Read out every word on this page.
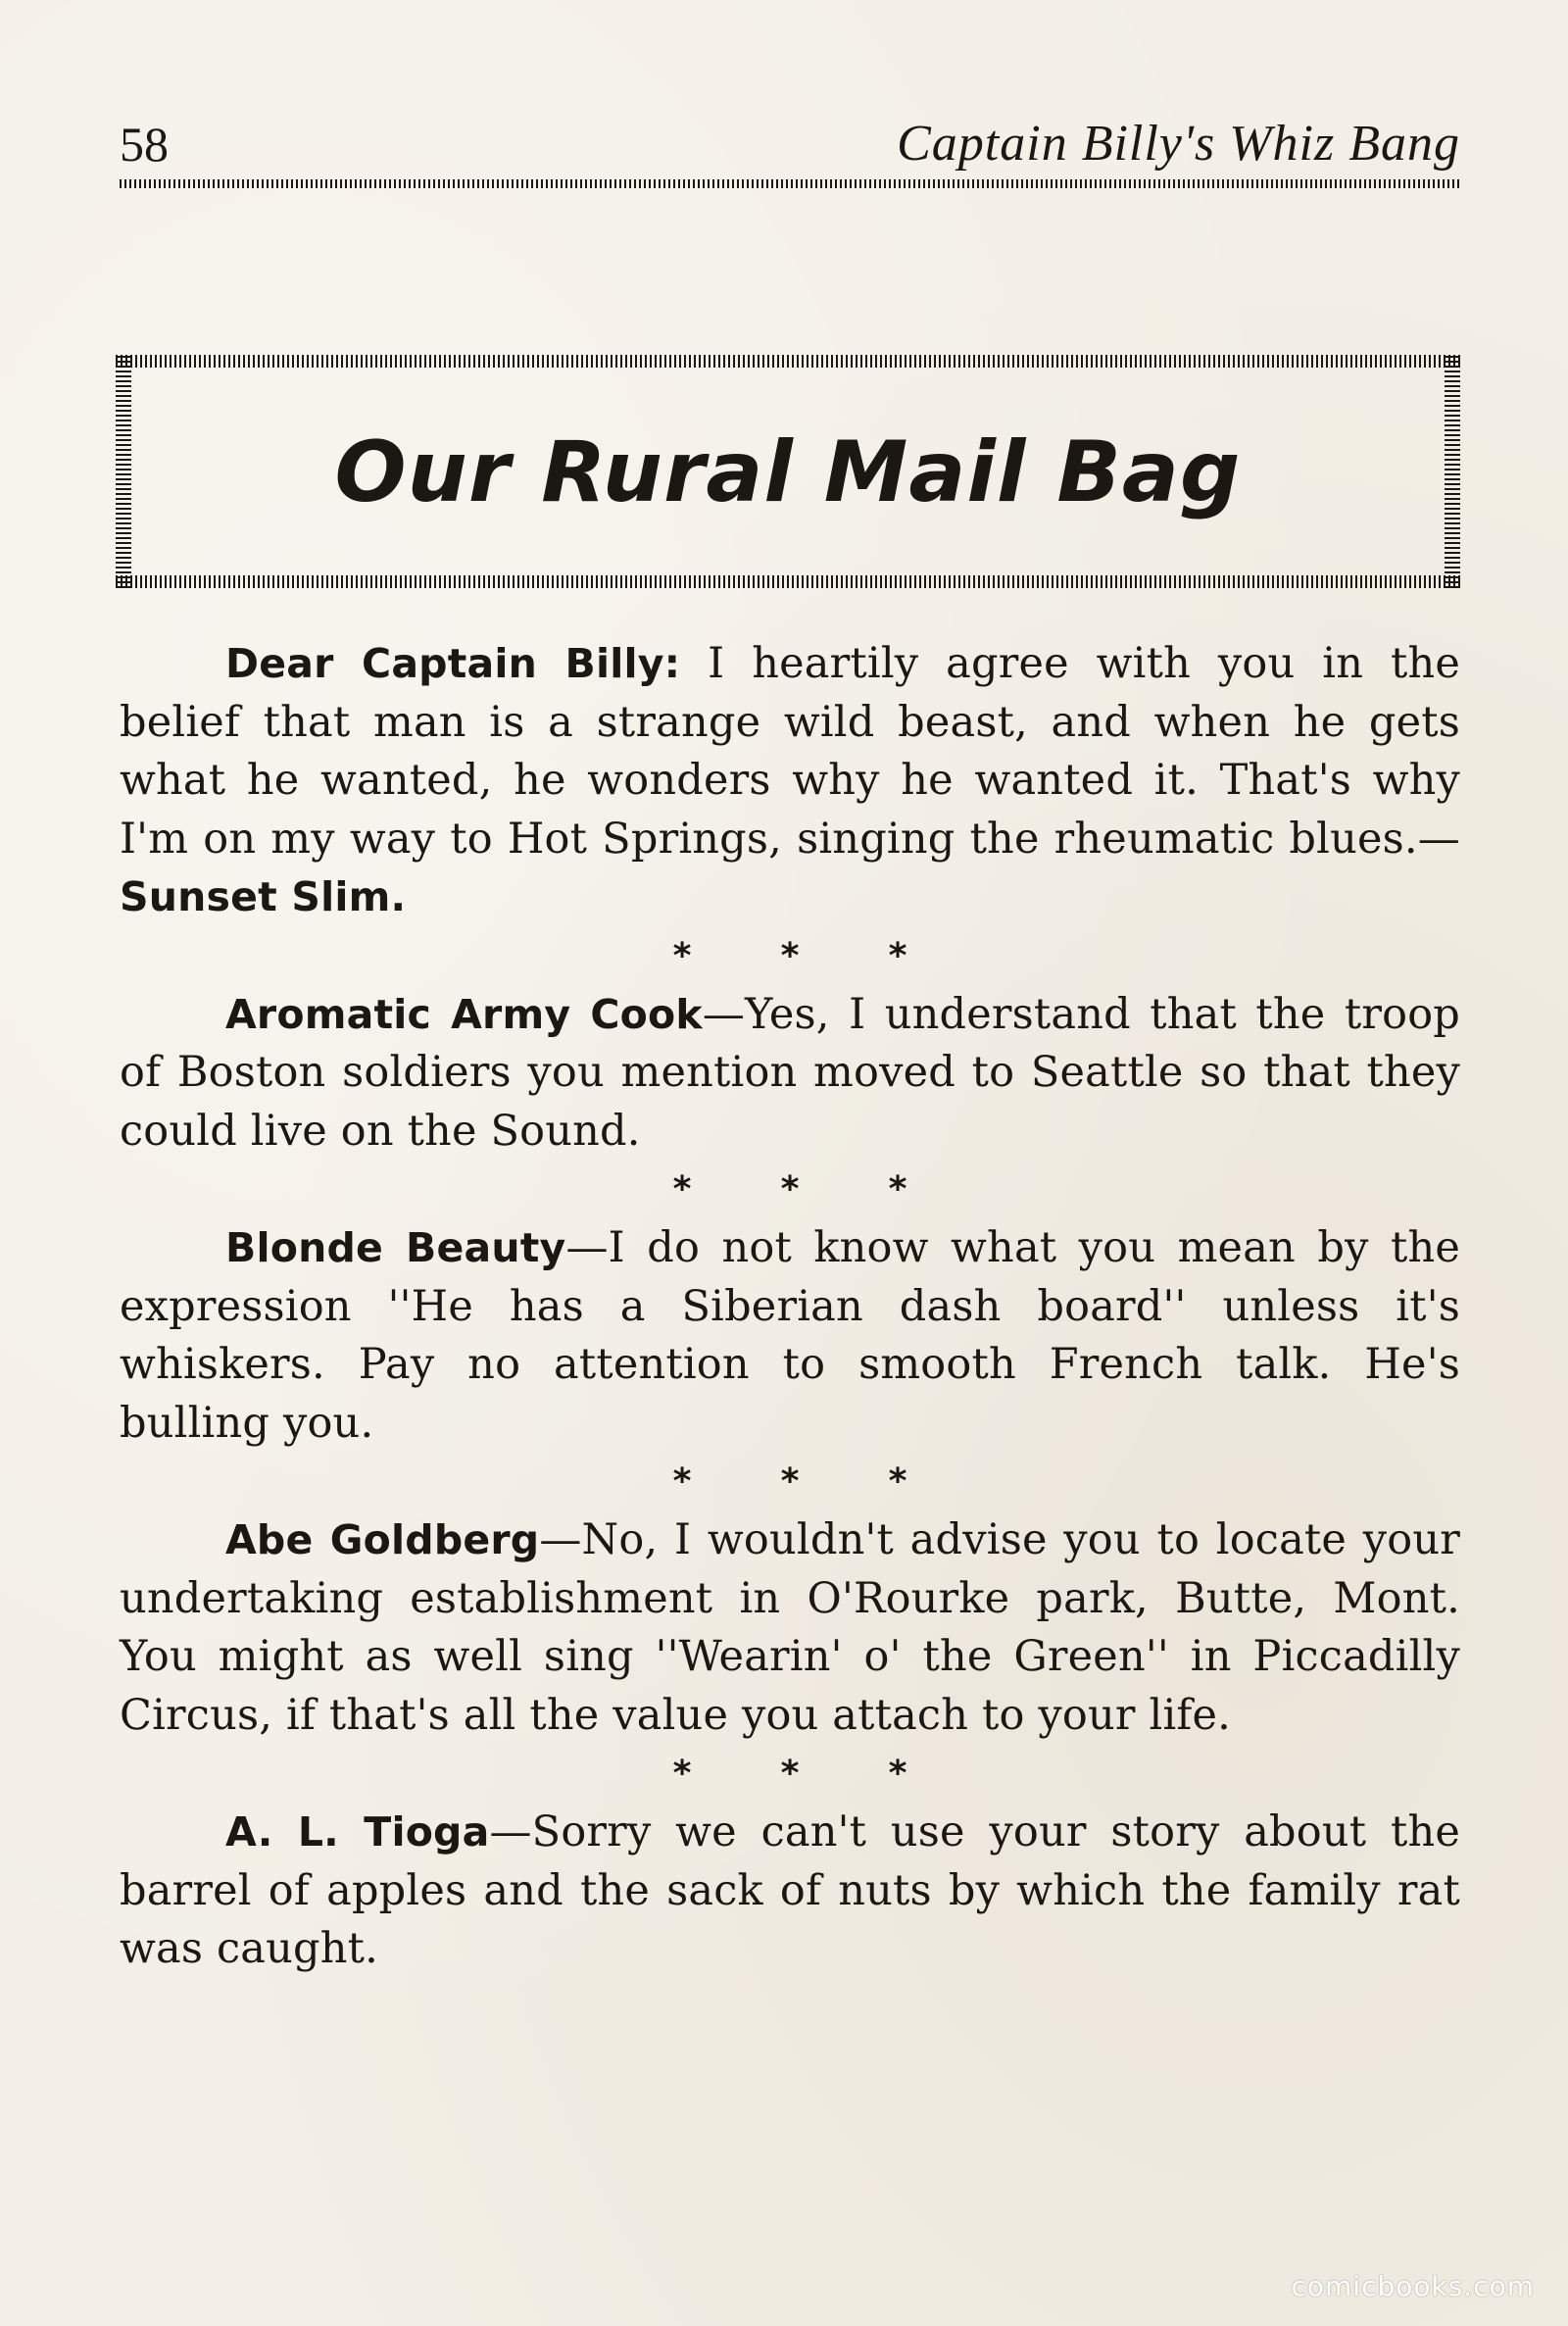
58	Captain Billy's Whiz Bang
Our Rural Mail Bag

Dear Captain Billy: I heartily agree with you in the belief that man is a strange wild beast, and when he gets what he wanted, he wonders why he wanted it. That's why I'm on my way to Hot Springs, singing the rheumatic blues.—Sunset Slim.

*	*	*

Aromatic Army Cook—Yes, I understand that the troop of Boston soldiers you mention moved to Seattle so that they could live on the Sound.

*	*	*

Blonde Beauty—I do not know what you mean by the expression ''He has a Siberian dash board'' unless it's whiskers. Pay no attention to smooth French talk. He's bulling you.

*	*	*

Abe Goldberg—No, I wouldn't advise you to locate your undertaking establishment in O'Rourke park, Butte, Mont. You might as well sing ''Wearin' o' the Green'' in Piccadilly Circus, if that's all the value you attach to your life.

*	*	*

A. L. Tioga—Sorry we can't use your story about the barrel of apples and the sack of nuts by which the family rat was caught.

comicbooks.com
